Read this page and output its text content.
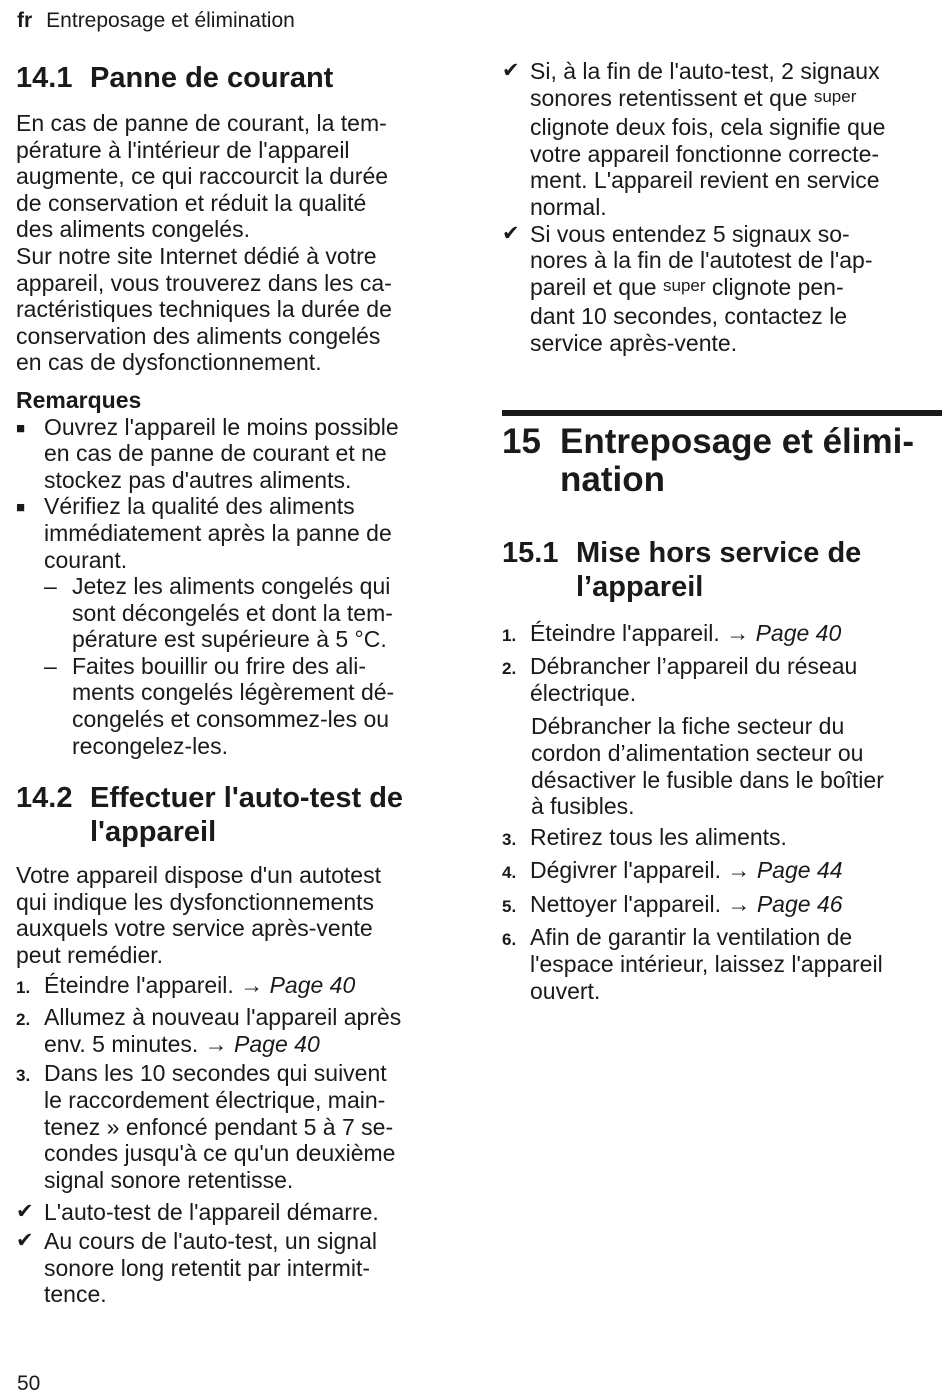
fr Entreposage et élimination
14.1 Panne de courant
En cas de panne de courant, la tem-
pérature à l'intérieur de l'appareil
augmente, ce qui raccourcit la durée
de conservation et réduit la qualité
des aliments congelés.
Sur notre site Internet dédié à votre
appareil, vous trouverez dans les ca-
ractéristiques techniques la durée de
conservation des aliments congelés
en cas de dysfonctionnement.
Remarques
■ Ouvrez l'appareil le moins possible
en cas de panne de courant et ne
stockez pas d'autres aliments.
■ Vérifiez la qualité des aliments
immédiatement après la panne de
courant.
– Jetez les aliments congelés qui
sont décongelés et dont la tem-
pérature est supérieure à 5 °C.
– Faites bouillir ou frire des ali-
ments congelés légèrement dé-
congelés et consommez-les ou
recongelez-les.
14.2 Effectuer l'auto-test de
l'appareil
Votre appareil dispose d'un autotest
qui indique les dysfonctionnements
auxquels votre service après-vente
peut remédier.
1. Éteindre l'appareil. → Page 40
2. Allumez à nouveau l'appareil après
env. 5 minutes. → Page 40
3. Dans les 10 secondes qui suivent
le raccordement électrique, main-
tenez » enfoncé pendant 5 à 7 se-
condes jusqu'à ce qu'un deuxième
signal sonore retentisse.
✔ L'auto-test de l'appareil démarre.
✔ Au cours de l'auto-test, un signal
sonore long retentit par intermit-
tence.
✔ Si, à la fin de l'auto-test, 2 signaux
sonores retentissent et que super
clignote deux fois, cela signifie que
votre appareil fonctionne correcte-
ment. L'appareil revient en service
normal.
✔ Si vous entendez 5 signaux so-
nores à la fin de l'autotest de l'ap-
pareil et que super clignote pen-
dant 10 secondes, contactez le
service après-vente.
15 Entreposage et élimi-
nation
15.1 Mise hors service de
l’appareil
1. Éteindre l'appareil. → Page 40
2. Débrancher l’appareil du réseau
électrique.
Débrancher la fiche secteur du
cordon d’alimentation secteur ou
désactiver le fusible dans le boîtier
à fusibles.
3. Retirez tous les aliments.
4. Dégivrer l'appareil. → Page 44
5. Nettoyer l'appareil. → Page 46
6. Afin de garantir la ventilation de
l'espace intérieur, laissez l'appareil
ouvert.
50
